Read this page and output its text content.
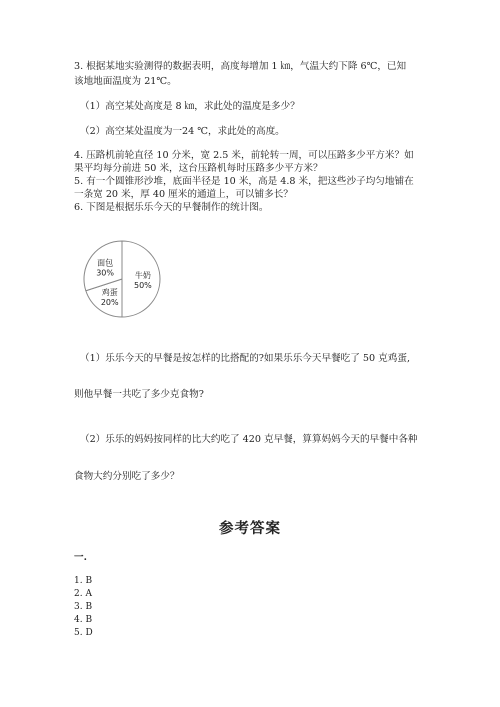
3. 根据某地实验测得的数据表明，高度每增加 1 ㎞，气温大约下降 6℃，已知
该地地面温度为 21℃。
（1）高空某处高度是 8 ㎞，求此处的温度是多少？
（2）高空某处温度为一24 ℃，求此处的高度。
4. 压路机前轮直径 10 分米，宽 2.5 米，前轮转一周，可以压路多少平方米？如
果平均每分前进 50 米，这台压路机每时压路多少平方米？
5. 有一个圆锥形沙堆，底面半径是 10 米，高是 4.8 米，把这些沙子均匀地铺在
一条宽 20 米，厚 40 厘米的通道上，可以铺多长？
6. 下图是根据乐乐今天的早餐制作的统计图。
牛奶
50%
鸡蛋
20%
面包
30%
（1）乐乐今天的早餐是按怎样的比搭配的?如果乐乐今天早餐吃了 50 克鸡蛋,
则他早餐一共吃了多少克食物?
（2）乐乐的妈妈按同样的比大约吃了 420 克早餐，算算妈妈今天的早餐中各种
食物大约分别吃了多少？
参考答案
一.
1. B
2. A
3. B
4. B
5. D
